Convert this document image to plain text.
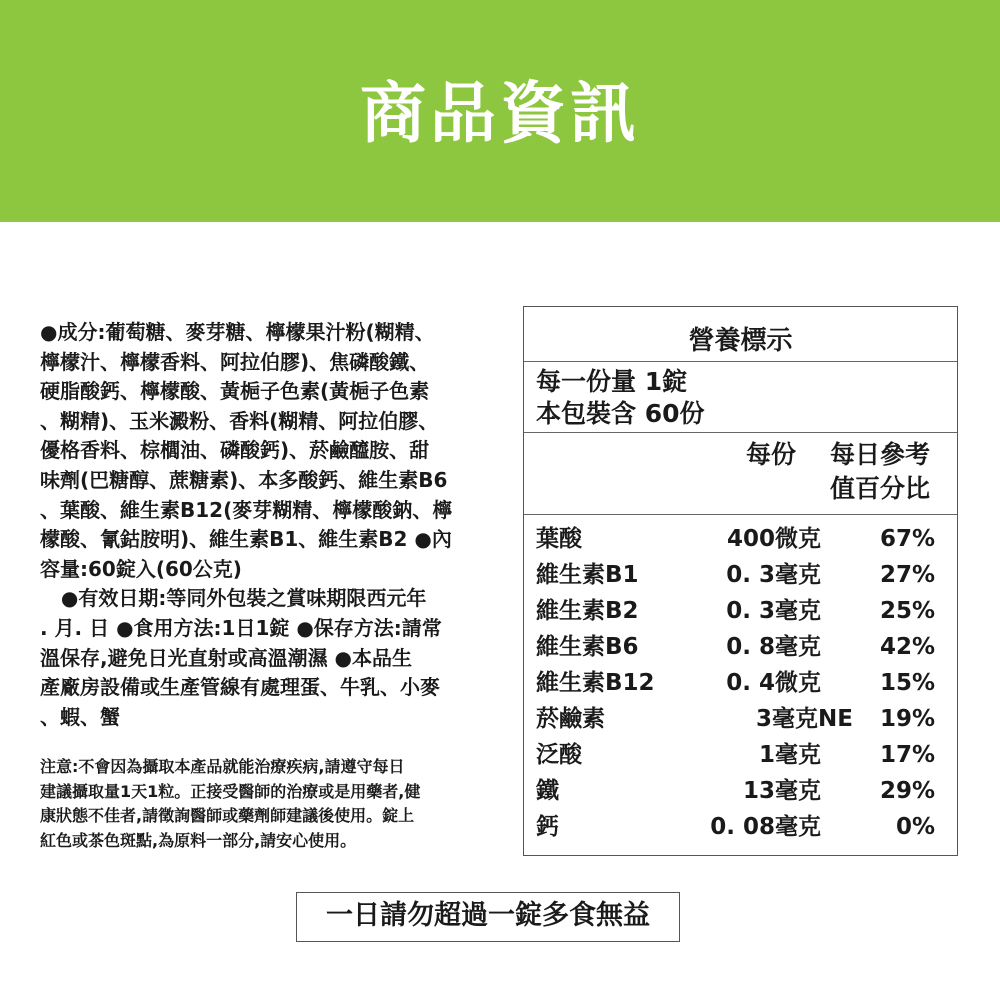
商品資訊

●成分:葡萄糖、麥芽糖、檸檬果汁粉(糊精、

檸檬汁、檸檬香料、阿拉伯膠)、焦磷酸鐵、

硬脂酸鈣、檸檬酸、黃梔子色素(黃梔子色素

、糊精)、玉米澱粉、香料(糊精、阿拉伯膠、

優格香料、棕櫚油、磷酸鈣)、菸鹼醯胺、甜

味劑(巴糖醇、蔗糖素)、本多酸鈣、維生素B6

、葉酸、維生素B12(麥芽糊精、檸檬酸鈉、檸

檬酸、氰鈷胺明)、維生素B1、維生素B2 ●內

容量:60錠入(60公克)

●有效日期:等同外包裝之賞味期限西元年

. 月. 日 ●食用方法:1日1錠 ●保存方法:請常

溫保存,避免日光直射或高溫潮濕 ●本品生

產廠房設備或生產管線有處理蛋、牛乳、小麥

、蝦、蟹

注意:不會因為攝取本產品就能治療疾病,請遵守每日

建議攝取量1天1粒。正接受醫師的治療或是用藥者,健

康狀態不佳者,請徵詢醫師或藥劑師建議後使用。錠上

紅色或茶色斑點,為原料一部分,請安心使用。

營養標示
每一份量 1錠
本包裝含 60份
每份 每日參考
值百分比
葉酸	400微克	67%
維生素B1	0. 3毫克	27%
維生素B2	0. 3毫克	25%
維生素B6	0. 8毫克	42%
維生素B12	0. 4微克	15%
菸鹼素	3毫克NE 19%
泛酸	1毫克	17%
鐵	13毫克	29%
鈣	0. 08毫克	0%
一日請勿超過一錠多食無益
